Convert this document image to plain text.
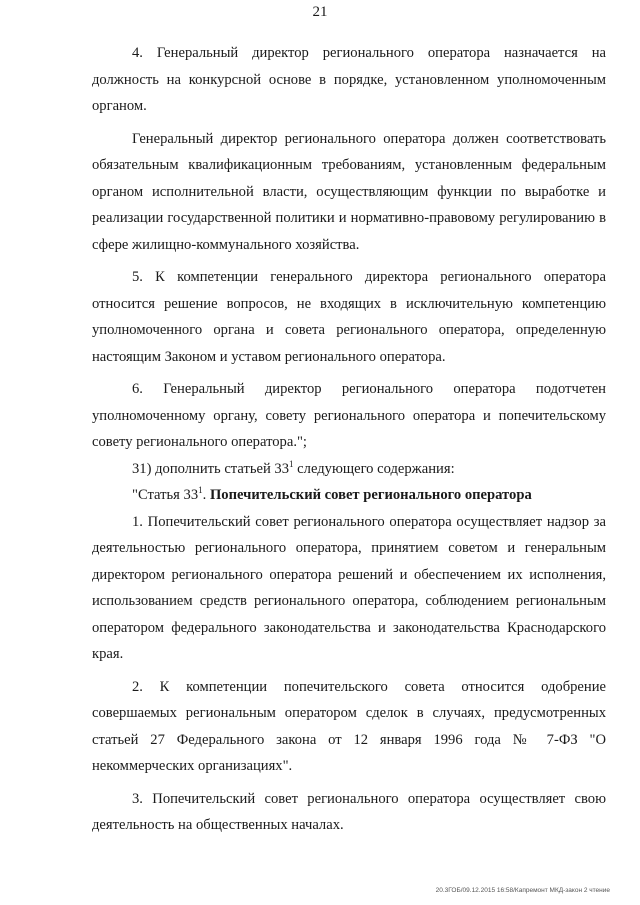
21

4. Генеральный директор регионального оператора назначается на должность на конкурсной основе в порядке, установленном уполномоченным органом.

Генеральный директор регионального оператора должен соответствовать обязательным квалификационным требованиям, установленным федеральным органом исполнительной власти, осуществляющим функции по выработке и реализации государственной политики и нормативно-правовому регулированию в сфере жилищно-коммунального хозяйства.

5. К компетенции генерального директора регионального оператора относится решение вопросов, не входящих в исключительную компетенцию уполномоченного органа и совета регионального оператора, определенную настоящим Законом и уставом регионального оператора.

6. Генеральный директор регионального оператора подотчетен уполномоченному органу, совету регионального оператора и попечительскому совету регионального оператора.";

31) дополнить статьей $33^1$ следующего содержания:

"Статья $33^1$. Попечительский совет регионального оператора

1. Попечительский совет регионального оператора осуществляет надзор за деятельностью регионального оператора, принятием советом и генеральным директором регионального оператора решений и обеспечением их исполнения, использованием средств регионального оператора, соблюдением региональным оператором федерального законодательства и законодательства Краснодарского края.

2. К компетенции попечительского совета относится одобрение совершаемых региональным оператором сделок в случаях, предусмотренных статьей 27 Федерального закона от 12 января 1996 года № 7-ФЗ "О некоммерческих организациях".

3. Попечительский совет регионального оператора осуществляет свою деятельность на общественных началах.

20.3ГОБ/09.12.2015 16:58/Капремонт МКД-закон 2 чтение
